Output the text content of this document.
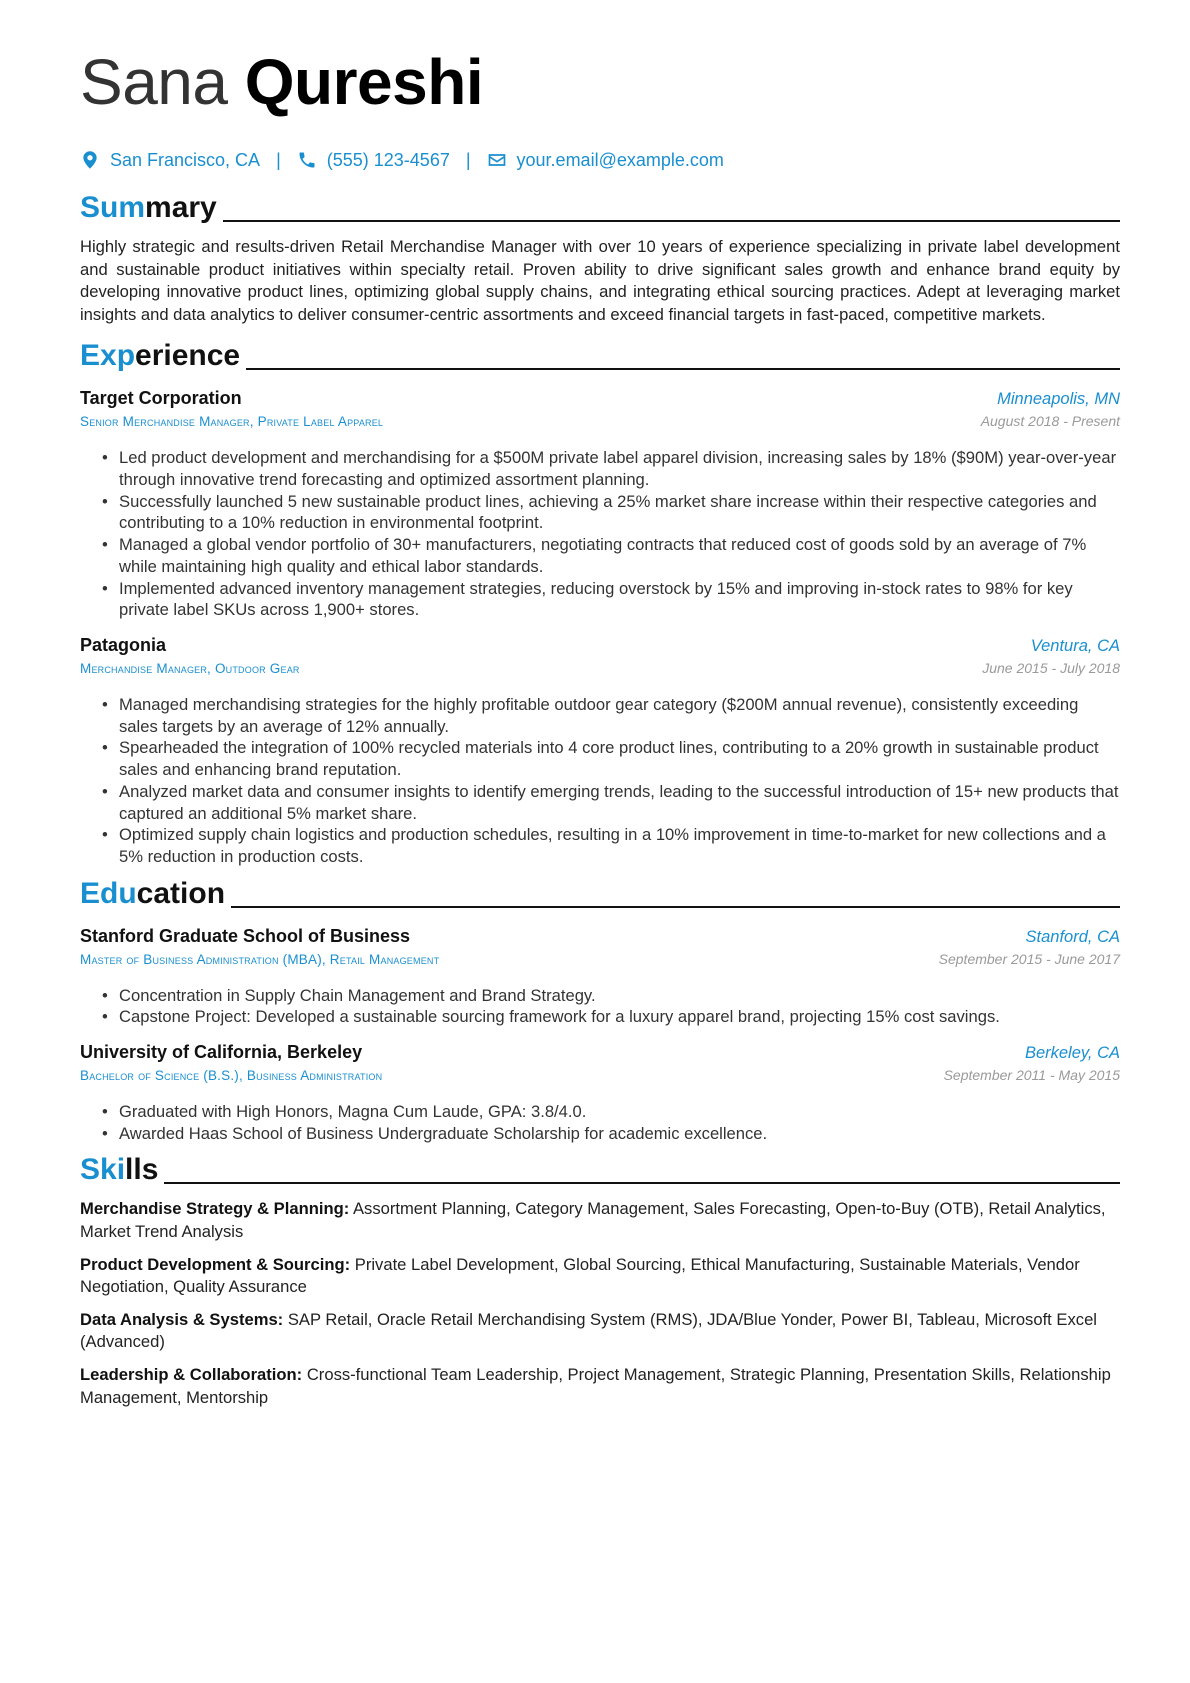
Sana Qureshi
San Francisco, CA |	(555) 123-4567 |	your.email@example.com
Sum mary
Highly strategic and results-driven Retail Merchandise Manager with over 10 years of experience specializing in private label development and sustainable product initiatives within specialty retail. Proven ability to drive significant sales growth and enhance brand equity by developing innovative product lines, optimizing global supply chains, and integrating ethical sourcing practices. Adept at leveraging market insights and data analytics to deliver consumer-centric assortments and exceed financial targets in fast-paced, competitive markets.
Exp erience
Target Corporation	Minneapolis, MN
Senior Merchandise Manager, Private Label Apparel	August 2018 - Present
• Led product development and merchandising for a $500M private label apparel division, increasing sales by 18% ($90M) year-over-year through innovative trend forecasting and optimized assortment planning.
• Successfully launched 5 new sustainable product lines, achieving a 25% market share increase within their respective categories and contributing to a 10% reduction in environmental footprint.
• Managed a global vendor portfolio of 30+ manufacturers, negotiating contracts that reduced cost of goods sold by an average of 7% while maintaining high quality and ethical labor standards.
• Implemented advanced inventory management strategies, reducing overstock by 15% and improving in-stock rates to 98% for key private label SKUs across 1,900+ stores.
Patagonia	Ventura, CA
Merchandise Manager, Outdoor Gear	June 2015 - July 2018
• Managed merchandising strategies for the highly profitable outdoor gear category ($200M annual revenue), consistently exceeding sales targets by an average of 12% annually.
• Spearheaded the integration of 100% recycled materials into 4 core product lines, contributing to a 20% growth in sustainable product sales and enhancing brand reputation.
• Analyzed market data and consumer insights to identify emerging trends, leading to the successful introduction of 15+ new products that captured an additional 5% market share.
• Optimized supply chain logistics and production schedules, resulting in a 10% improvement in time-to-market for new collections and a 5% reduction in production costs.
Edu cation
Stanford Graduate School of Business	Stanford, CA
Master of Business Administration (MBA), Retail Management	September 2015 - June 2017
• Concentration in Supply Chain Management and Brand Strategy.
• Capstone Project: Developed a sustainable sourcing framework for a luxury apparel brand, projecting 15% cost savings.
University of California, Berkeley	Berkeley, CA
Bachelor of Science (B.S.), Business Administration	September 2011 - May 2015
• Graduated with High Honors, Magna Cum Laude, GPA: 3.8/4.0.
• Awarded Haas School of Business Undergraduate Scholarship for academic excellence.
Ski lls
Merchandise Strategy & Planning: Assortment Planning, Category Management, Sales Forecasting, Open-to-Buy (OTB), Retail Analytics, Market Trend Analysis
Product Development & Sourcing: Private Label Development, Global Sourcing, Ethical Manufacturing, Sustainable Materials, Vendor Negotiation, Quality Assurance
Data Analysis & Systems: SAP Retail, Oracle Retail Merchandising System (RMS), JDA/Blue Yonder, Power BI, Tableau, Microsoft Excel (Advanced)
Leadership & Collaboration: Cross-functional Team Leadership, Project Management, Strategic Planning, Presentation Skills, Relationship Management, Mentorship
